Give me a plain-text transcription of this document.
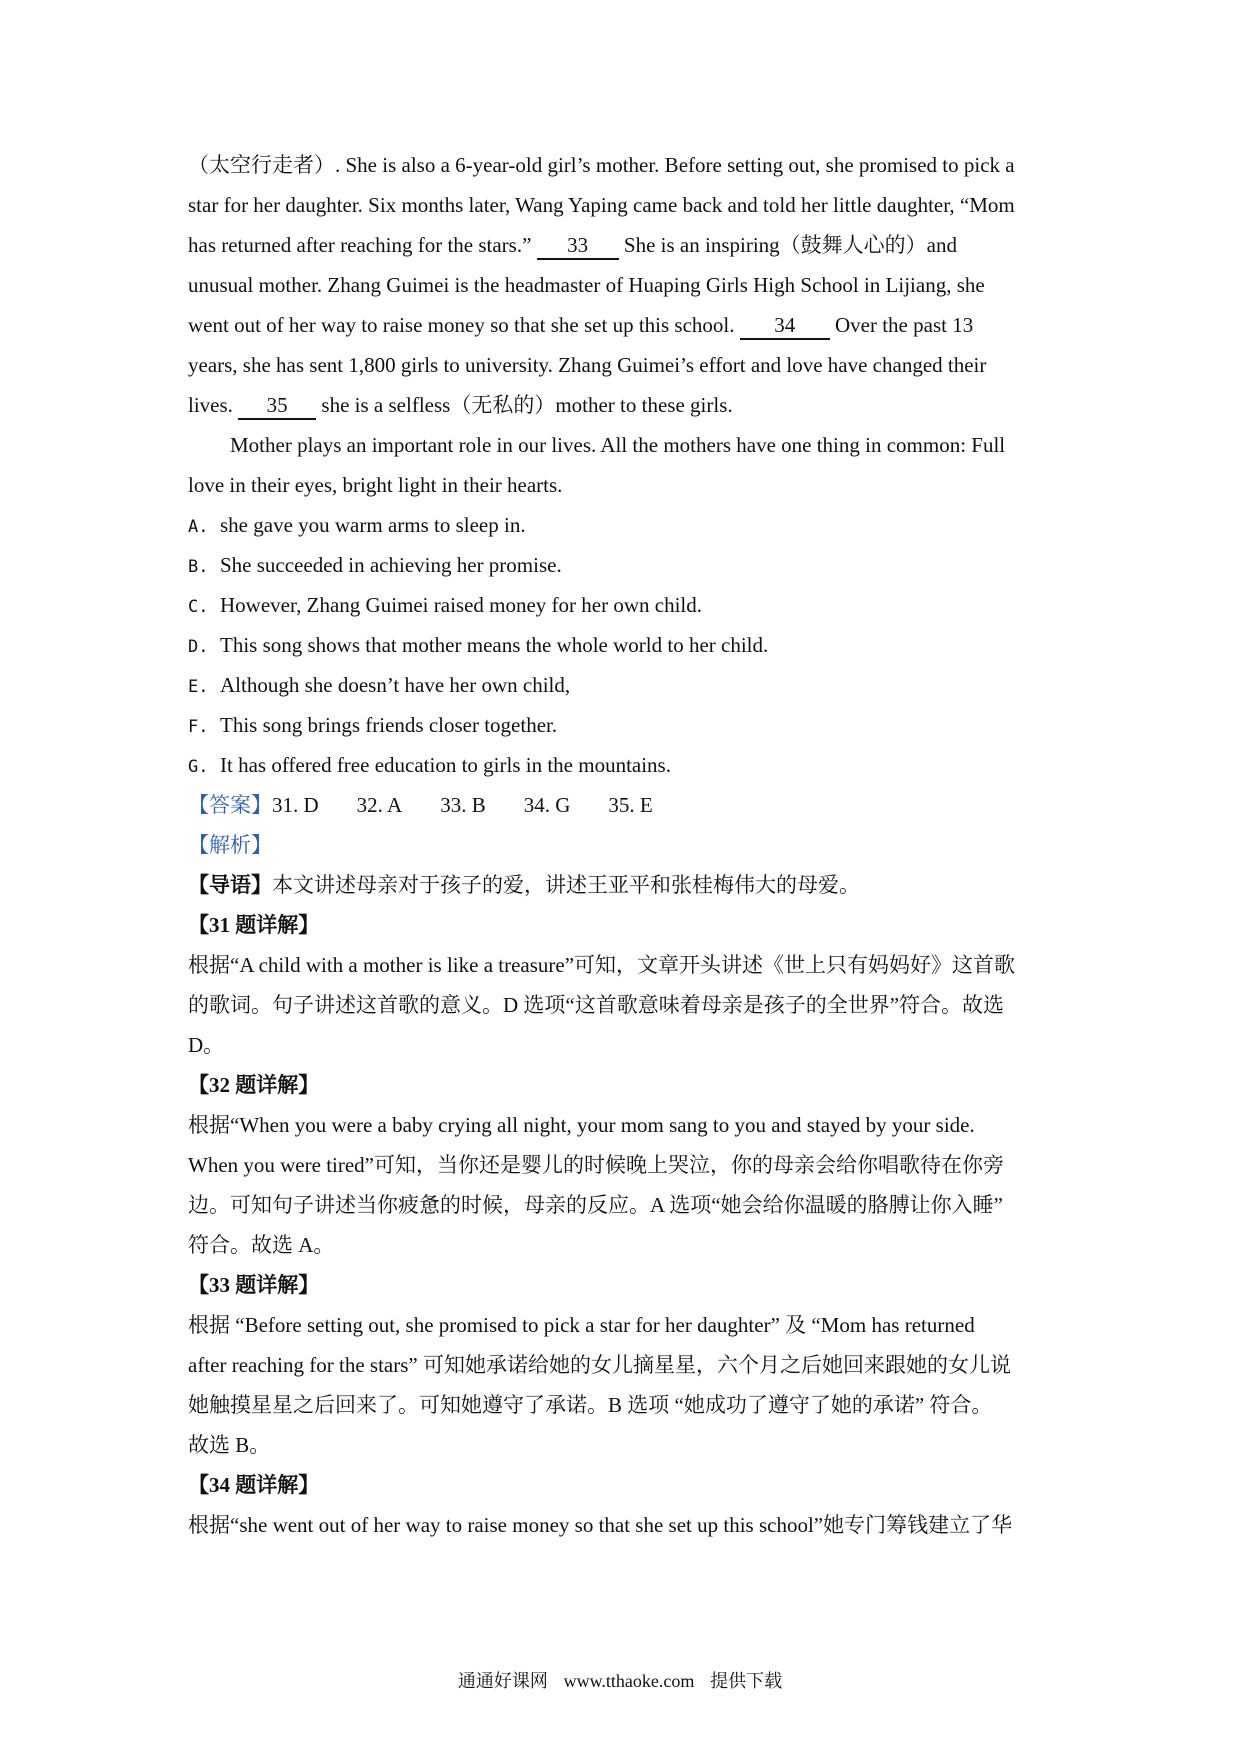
（太空行走者）. She is also a 6-year-old girl’s mother. Before setting out, she promised to pick a

star for her daughter. Six months later, Wang Yaping came back and told her little daughter, “Mom

has returned after reaching for the stars.” 33 She is an inspiring（鼓舞人心的）and

unusual mother. Zhang Guimei is the headmaster of Huaping Girls High School in Lijiang, she

went out of her way to raise money so that she set up this school. 34 Over the past 13

years, she has sent 1,800 girls to university. Zhang Guimei’s effort and love have changed their

lives. 35 she is a selfless（无私的）mother to these girls.

Mother plays an important role in our lives. All the mothers have one thing in common: Full

love in their eyes, bright light in their hearts.

A. she gave you warm arms to sleep in.

B. She succeeded in achieving her promise.

C. However, Zhang Guimei raised money for her own child.

D. This song shows that mother means the whole world to her child.

E. Although she doesn’t have her own child,

F. This song brings friends closer together.

G. It has offered free education to girls in the mountains.

【答案】31. D 32. A 33. B 34. G 35. E

【解析】

【导语】本文讲述母亲对于孩子的爱，讲述王亚平和张桂梅伟大的母爱。

【31 题详解】

根据“A child with a mother is like a treasure”可知，文章开头讲述《世上只有妈妈好》这首歌

的歌词。句子讲述这首歌的意义。D 选项“这首歌意味着母亲是孩子的全世界”符合。故选

D。

【32 题详解】

根据“When you were a baby crying all night, your mom sang to you and stayed by your side.

When you were tired”可知，当你还是婴儿的时候晚上哭泣，你的母亲会给你唱歌待在你旁

边。可知句子讲述当你疲惫的时候，母亲的反应。A 选项“她会给你温暖的胳膊让你入睡”

符合。故选 A。

【33 题详解】

根据 “Before setting out, she promised to pick a star for her daughter” 及 “Mom has returned

after reaching for the stars” 可知她承诺给她的女儿摘星星，六个月之后她回来跟她的女儿说

她触摸星星之后回来了。可知她遵守了承诺。B 选项 “她成功了遵守了她的承诺” 符合。

故选 B。

【34 题详解】

根据“she went out of her way to raise money so that she set up this school”她专门筹钱建立了华

通通好课网 www.tthaoke.com 提供下载
